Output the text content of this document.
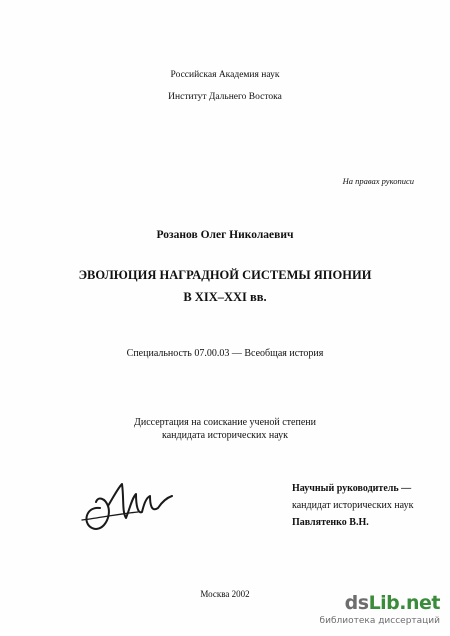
Российская Академия наук
Институт Дальнего Востока
На правах рукописи
Розанов Олег Николаевич
ЭВОЛЮЦИЯ НАГРАДНОЙ СИСТЕМЫ ЯПОНИИ
В XIX–XXI вв.
Специальность 07.00.03 — Всеобщая история
Диссертация на соискание ученой степени
кандидата исторических наук
Научный руководитель —
кандидат исторических наук
Павлятенко В.Н.
Москва 2002	dsLib.net
библиотека диссертаций
